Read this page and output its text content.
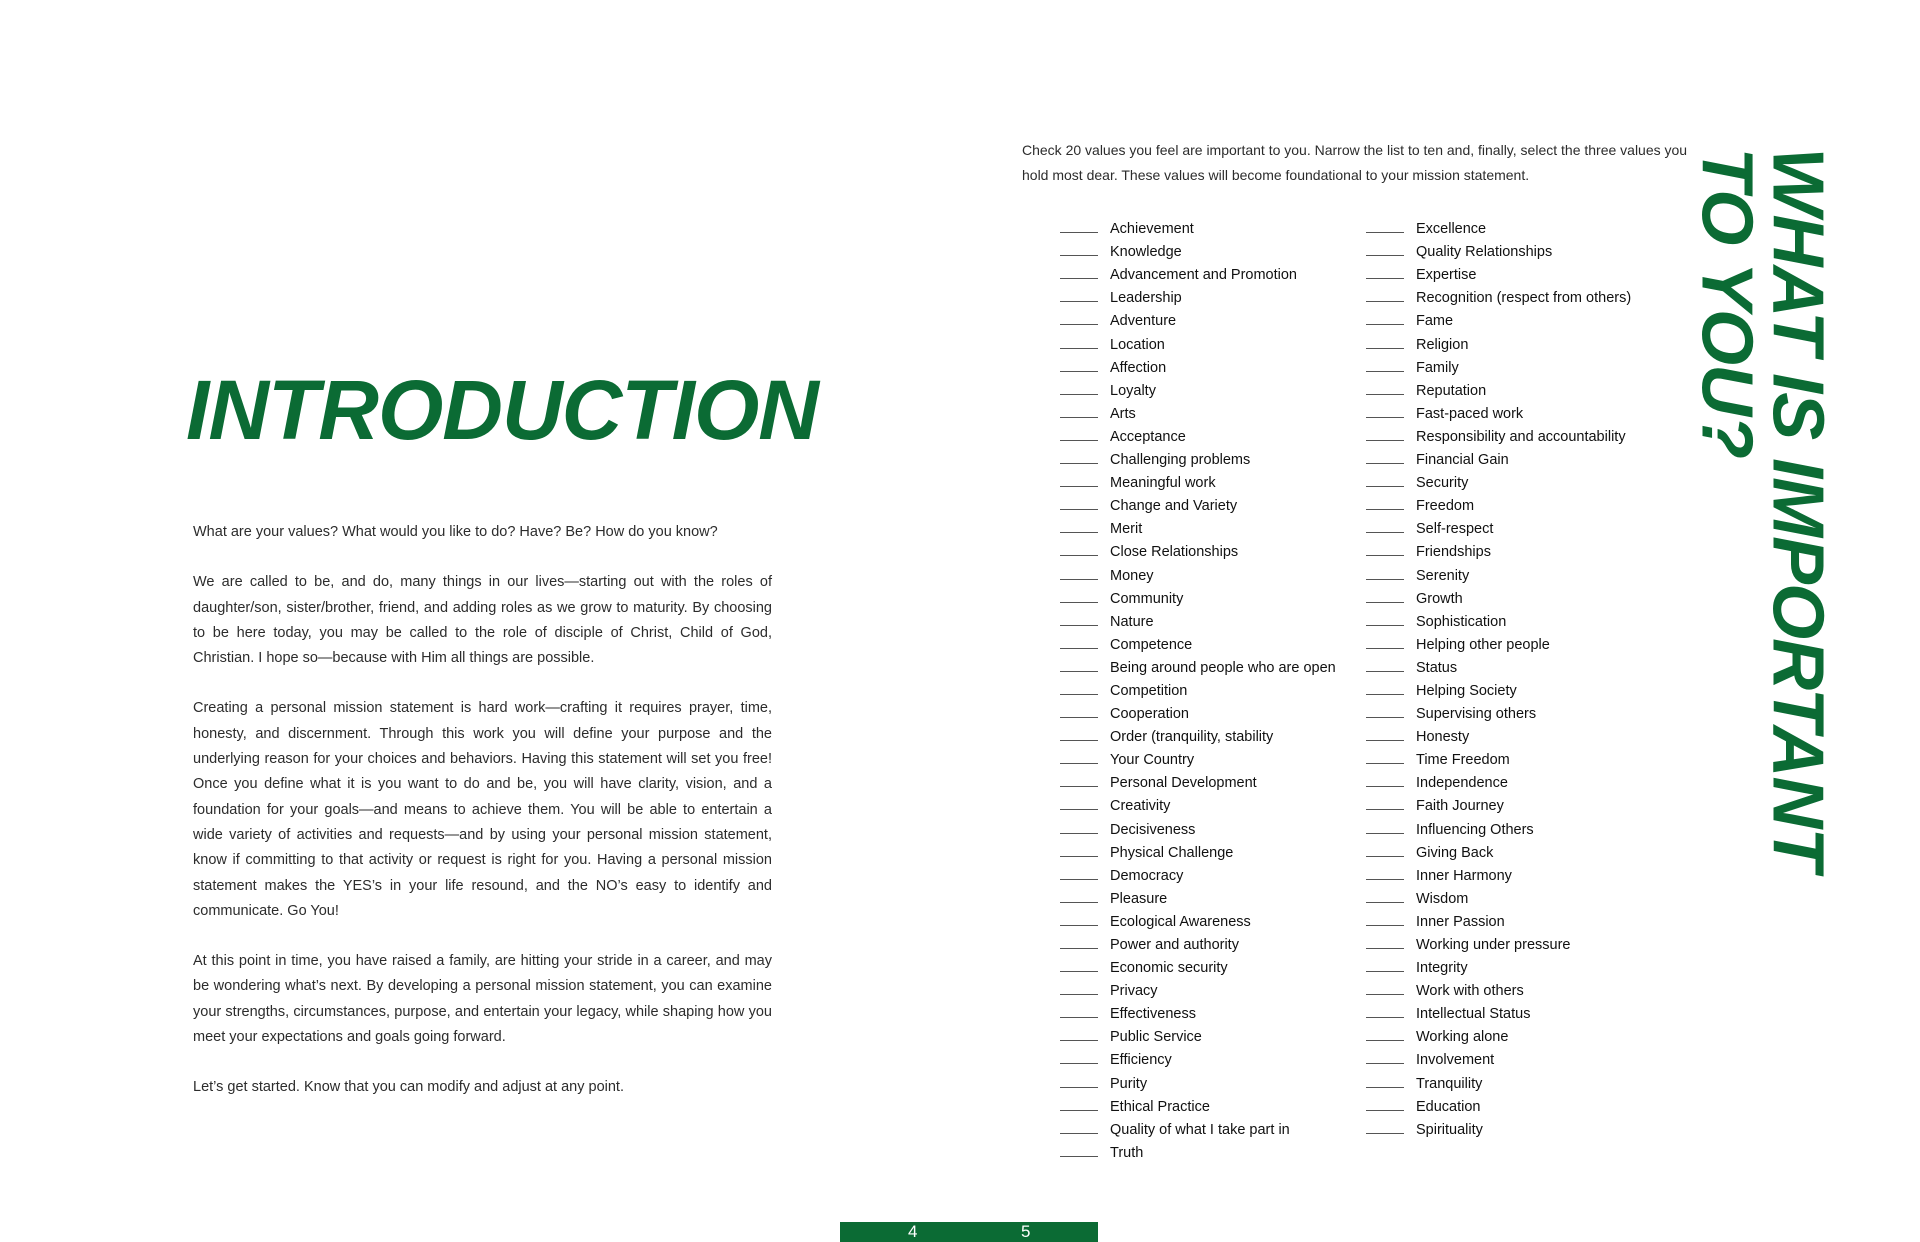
INTRODUCTION

What are your values? What would you like to do? Have? Be? How do you know?

We are called to be, and do, many things in our lives—starting out with the roles of daughter/son, sister/brother, friend, and adding roles as we grow to maturity. By choosing to be here today, you may be called to the role of disciple of Christ, Child of God, Christian. I hope so—because with Him all things are possible.

Creating a personal mission statement is hard work—crafting it requires prayer, time, honesty, and discernment. Through this work you will define your purpose and the underlying reason for your choices and behaviors. Having this statement will set you free! Once you define what it is you want to do and be, you will have clarity, vision, and a foundation for your goals—and means to achieve them. You will be able to entertain a wide variety of activities and requests—and by using your personal mission statement, know if committing to that activity or request is right for you. Having a personal mission statement makes the YES’s in your life resound, and the NO’s easy to identify and communicate. Go You!

At this point in time, you have raised a family, are hitting your stride in a career, and may be wondering what’s next. By developing a personal mission statement, you can examine your strengths, circumstances, purpose, and entertain your legacy, while shaping how you meet your expectations and goals going forward.

Let’s get started. Know that you can modify and adjust at any point.

Check 20 values you feel are important to you. Narrow the list to ten and, finally, select the three values you hold most dear. These values will become foundational to your mission statement.

Achievement
Knowledge
Advancement and Promotion
Leadership
Adventure
Location
Affection
Loyalty
Arts
Acceptance
Challenging problems
Meaningful work
Change and Variety
Merit
Close Relationships
Money
Community
Nature
Competence
Being around people who are open
Competition
Cooperation
Order (tranquility, stability
Your Country
Personal Development
Creativity
Decisiveness
Physical Challenge
Democracy
Pleasure
Ecological Awareness
Power and authority
Economic security
Privacy
Effectiveness
Public Service
Efficiency
Purity
Ethical Practice
Quality of what I take part in
Truth
Excellence
Quality Relationships
Expertise
Recognition (respect from others)
Fame
Religion
Family
Reputation
Fast-paced work
Responsibility and accountability
Financial Gain
Security
Freedom
Self-respect
Friendships
Serenity
Growth
Sophistication
Helping other people
Status
Helping Society
Supervising others
Honesty
Time Freedom
Independence
Faith Journey
Influencing Others
Giving Back
Inner Harmony
Wisdom
Inner Passion
Working under pressure
Integrity
Work with others
Intellectual Status
Working alone
Involvement
Tranquility
Education
Spirituality
WHAT IS IMPORTANT
TO YOU?
4	5
